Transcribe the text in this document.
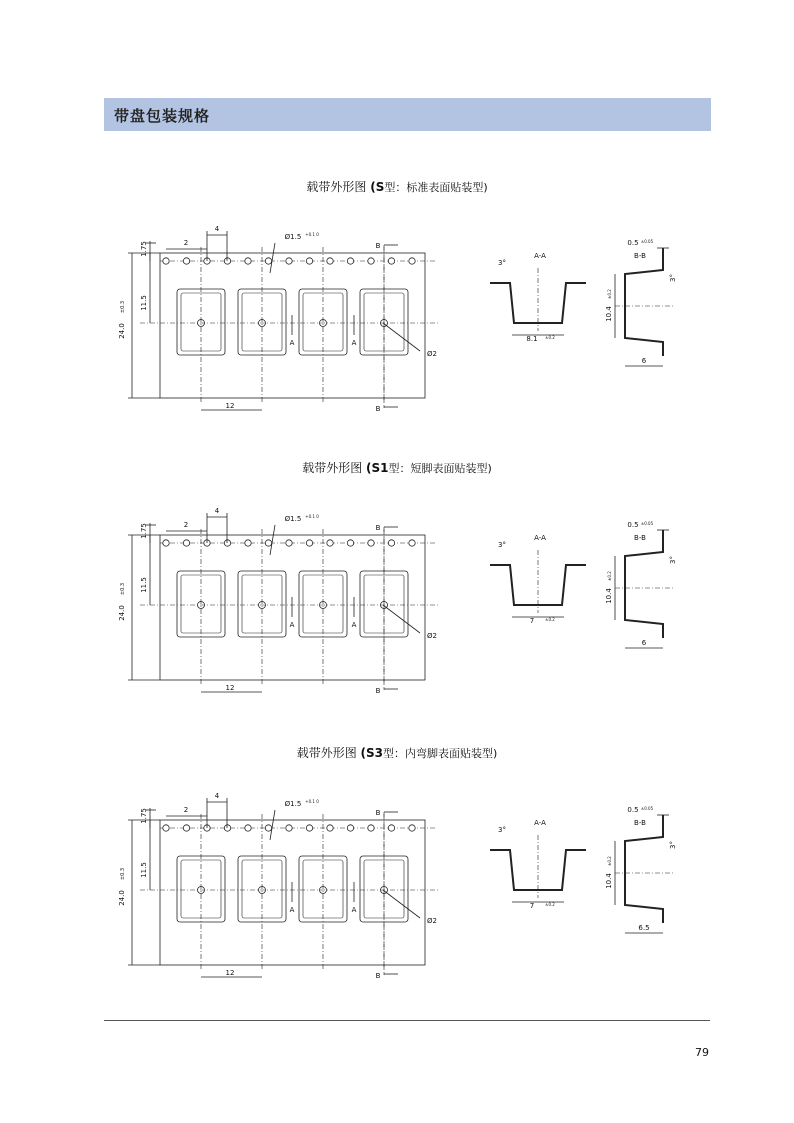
带盘包装规格
载带外形图 (S型：标准表面贴装型)
24.0
±0.3 11.5
1.75	2
4
Ø1.5 +0.1 0
12
A	A
B
B
Ø2
A-A
8.1 ±0.2
3°
B-B
10.4
±0.2
6
0.5 ±0.05
3°
载带外形图 (S1型：短脚表面贴装型)
24.0
±0.3 11.5
1.75	2
4
Ø1.5 +0.1 0
12
A	A
B
B
Ø2
A-A
7	±0.2
3°
B-B
10.4
±0.2
6
0.5 ±0.05
3°
载带外形图 (S3型：内弯脚表面贴装型)
24.0
±0.3 11.5
1.75	2
4
Ø1.5 +0.1 0
12
A	A
B
B
Ø2
A-A
7	±0.2
3°
B-B
10.4
±0.2
6.5
0.5 ±0.05
3°
79
